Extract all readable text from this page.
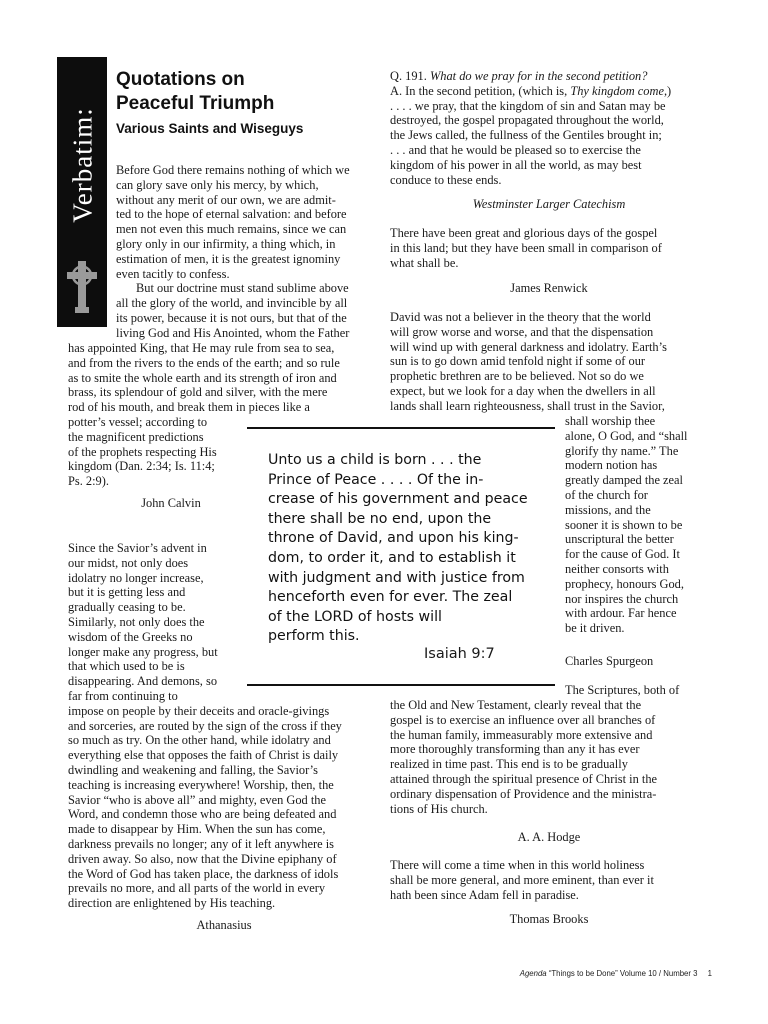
Verbatim:
Quotations on
Peaceful Triumph

Various Saints and Wiseguys

Before God there remains nothing of which we
can glory save only his mercy, by which,
without any merit of our own, we are admit-
ted to the hope of eternal salvation: and before
men not even this much remains, since we can
glory only in our infirmity, a thing which, in
estimation of men, it is the greatest ignominy
even tacitly to confess.
But our doctrine must stand sublime above
all the glory of the world, and invincible by all
its power, because it is not ours, but that of the
living God and His Anointed, whom the Father
has appointed King, that He may rule from sea to sea,
and from the rivers to the ends of the earth; and so rule
as to smite the whole earth and its strength of iron and
brass, its splendour of gold and silver, with the mere
rod of his mouth, and break them in pieces like a
potter’s vessel; according to
the magnificent predictions
of the prophets respecting His
kingdom (Dan. 2:34; Is. 11:4;
Ps. 2:9).

John Calvin

Since the Savior’s advent in
our midst, not only does
idolatry no longer increase,
but it is getting less and
gradually ceasing to be.
Similarly, not only does the
wisdom of the Greeks no
longer make any progress, but
that which used to be is
disappearing. And demons, so
far from continuing to
impose on people by their deceits and oracle-givings
and sorceries, are routed by the sign of the cross if they
so much as try. On the other hand, while idolatry and
everything else that opposes the faith of Christ is daily
dwindling and weakening and falling, the Savior’s
teaching is increasing everywhere! Worship, then, the
Savior “who is above all” and mighty, even God the
Word, and condemn those who are being defeated and
made to disappear by Him. When the sun has come,
darkness prevails no longer; any of it left anywhere is
driven away. So also, now that the Divine epiphany of
the Word of God has taken place, the darkness of idols
prevails no more, and all parts of the world in every
direction are enlightened by His teaching.

Athanasius

Q. 191. What do we pray for in the second petition?
A. In the second petition, (which is, Thy kingdom come,)
. . . . we pray, that the kingdom of sin and Satan may be
destroyed, the gospel propagated throughout the world,
the Jews called, the fullness of the Gentiles brought in;
. . . and that he would be pleased so to exercise the
kingdom of his power in all the world, as may best
conduce to these ends.

Westminster Larger Catechism

There have been great and glorious days of the gospel
in this land; but they have been small in comparison of
what shall be.

James Renwick

David was not a believer in the theory that the world
will grow worse and worse, and that the dispensation
will wind up with general darkness and idolatry. Earth’s
sun is to go down amid tenfold night if some of our
prophetic brethren are to be believed. Not so do we
expect, but we look for a day when the dwellers in all
lands shall learn righteousness, shall trust in the Savior,
shall worship thee
alone, O God, and “shall
glorify thy name.” The
modern notion has
greatly damped the zeal
of the church for
missions, and the
sooner it is shown to be
unscriptural the better
for the cause of God. It
neither consorts with
prophecy, honours God,
nor inspires the church
with ardour. Far hence
be it driven.

Charles Spurgeon

The Scriptures, both of

the Old and New Testament, clearly reveal that the
gospel is to exercise an influence over all branches of
the human family, immeasurably more extensive and
more thoroughly transforming than any it has ever
realized in time past. This end is to be gradually
attained through the spiritual presence of Christ in the
ordinary dispensation of Providence and the ministra-
tions of His church.

A. A. Hodge

There will come a time when in this world holiness
shall be more general, and more eminent, than ever it
hath been since Adam fell in paradise.

Thomas Brooks

Unto us a child is born . . . the
Prince of Peace . . . . Of the in-
crease of his government and peace
there shall be no end, upon the
throne of David, and upon his king-
dom, to order it, and to establish it
with judgment and with justice from
henceforth even for ever. The zeal
of the LORD of hosts will
perform this.

Isaiah 9:7

Agenda “Things to be Done” Volume 10 / Number 3 1
